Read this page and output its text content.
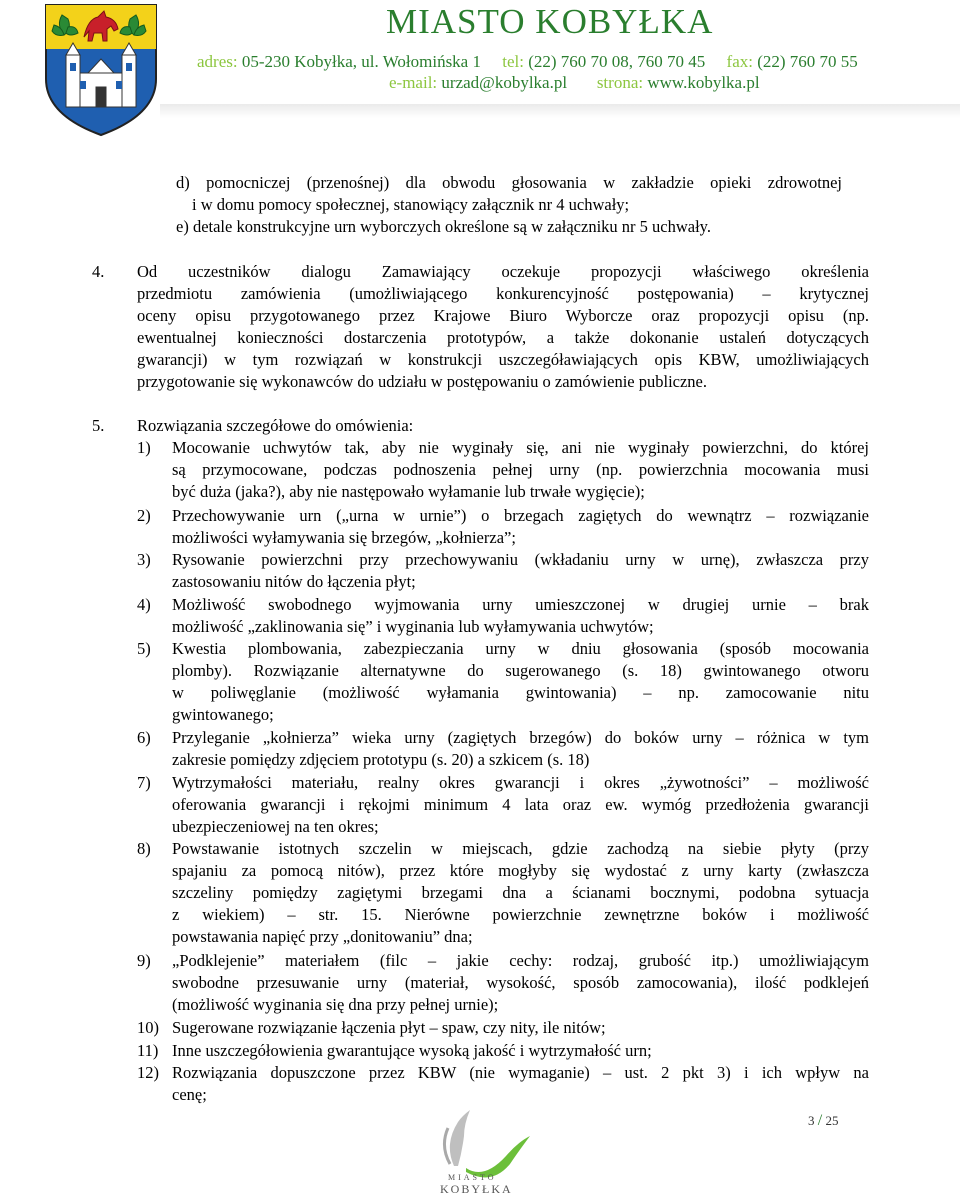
MIASTO KOBYŁKA
adres: 05-230 Kobyłka, ul. Wołomińska 1 tel: (22) 760 70 08, 760 70 45 fax: (22) 760 70 55
e-mail: urzad@kobylka.pl strona: www.kobylka.pl
d) pomocniczej (przenośnej) dla obwodu głosowania w zakładzie opieki zdrowotnej
i w domu pomocy społecznej, stanowiący załącznik nr 4 uchwały;
e) detale konstrukcyjne urn wyborczych określone są w załączniku nr 5 uchwały.
4. Od uczestników dialogu Zamawiający oczekuje propozycji właściwego określenia
przedmiotu zamówienia (umożliwiającego konkurencyjność postępowania) – krytycznej
oceny opisu przygotowanego przez Krajowe Biuro Wyborcze oraz propozycji opisu (np.
ewentualnej konieczności dostarczenia prototypów, a także dokonanie ustaleń dotyczących
gwarancji) w tym rozwiązań w konstrukcji uszczegóławiających opis KBW, umożliwiających
przygotowanie się wykonawców do udziału w postępowaniu o zamówienie publiczne.
5. Rozwiązania szczegółowe do omówienia:
1) Mocowanie uchwytów tak, aby nie wyginały się, ani nie wyginały powierzchni, do której
są przymocowane, podczas podnoszenia pełnej urny (np. powierzchnia mocowania musi
być duża (jaka?), aby nie następowało wyłamanie lub trwałe wygięcie);
2) Przechowywanie urn („urna w urnie”) o brzegach zagiętych do wewnątrz – rozwiązanie
możliwości wyłamywania się brzegów, „kołnierza”;
3) Rysowanie powierzchni przy przechowywaniu (wkładaniu urny w urnę), zwłaszcza przy
zastosowaniu nitów do łączenia płyt;
4) Możliwość swobodnego wyjmowania urny umieszczonej w drugiej urnie – brak
możliwość „zaklinowania się” i wyginania lub wyłamywania uchwytów;
5) Kwestia plombowania, zabezpieczania urny w dniu głosowania (sposób mocowania
plomby). Rozwiązanie alternatywne do sugerowanego (s. 18) gwintowanego otworu
w poliwęglanie (możliwość wyłamania gwintowania) – np. zamocowanie nitu
gwintowanego;
6) Przyleganie „kołnierza” wieka urny (zagiętych brzegów) do boków urny – różnica w tym
zakresie pomiędzy zdjęciem prototypu (s. 20) a szkicem (s. 18)
7) Wytrzymałości materiału, realny okres gwarancji i okres „żywotności” – możliwość
oferowania gwarancji i rękojmi minimum 4 lata oraz ew. wymóg przedłożenia gwarancji
ubezpieczeniowej na ten okres;
8) Powstawanie istotnych szczelin w miejscach, gdzie zachodzą na siebie płyty (przy
spajaniu za pomocą nitów), przez które mogłyby się wydostać z urny karty (zwłaszcza
szczeliny pomiędzy zagiętymi brzegami dna a ścianami bocznymi, podobna sytuacja
z wiekiem) – str. 15. Nierówne powierzchnie zewnętrzne boków i możliwość
powstawania napięć przy „donitowaniu” dna;
9) „Podklejenie” materiałem (filc – jakie cechy: rodzaj, grubość itp.) umożliwiającym
swobodne przesuwanie urny (materiał, wysokość, sposób zamocowania), ilość podklejeń
(możliwość wyginania się dna przy pełnej urnie);
10) Sugerowane rozwiązanie łączenia płyt – spaw, czy nity, ile nitów;
11) Inne uszczegółowienia gwarantujące wysoką jakość i wytrzymałość urn;
12) Rozwiązania dopuszczone przez KBW (nie wymaganie) – ust. 2 pkt 3) i ich wpływ na
cenę;
3 / 25
MIASTO
KOBYŁKA
